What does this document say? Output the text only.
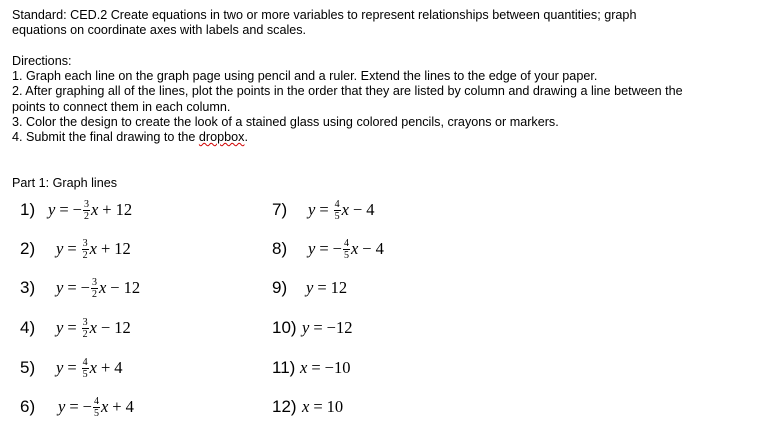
Standard: CED.2 Create equations in two or more variables to represent relationships between quantities; graph
equations on coordinate axes with labels and scales.
Directions:
1. Graph each line on the graph page using pencil and a ruler. Extend the lines to the edge of your paper.
2. After graphing all of the lines, plot the points in the order that they are listed by column and drawing a line between the
points to connect them in each column.
3. Color the design to create the look of a stained glass using colored pencils, crayons or markers.
4. Submit the final drawing to the dropbox.
Part 1: Graph lines
1) y = − $\frac{3}{2}$ x + 12
2)	$y = \frac{3}{2}$ x + 12
3)	y = − $\frac{3}{2}$ x − 12
4)	$y = \frac{3}{2}$ x − 12
5)	$y = \frac{4}{5}$ x + 4
6)	y = − $\frac{4}{5}$ x + 4
7)	$y = \frac{4}{5}$ x − 4
8)	y = − $\frac{4}{5}$ x − 4
9)	y = 12
10) y = −12
11) x = −10
12) x = 10
